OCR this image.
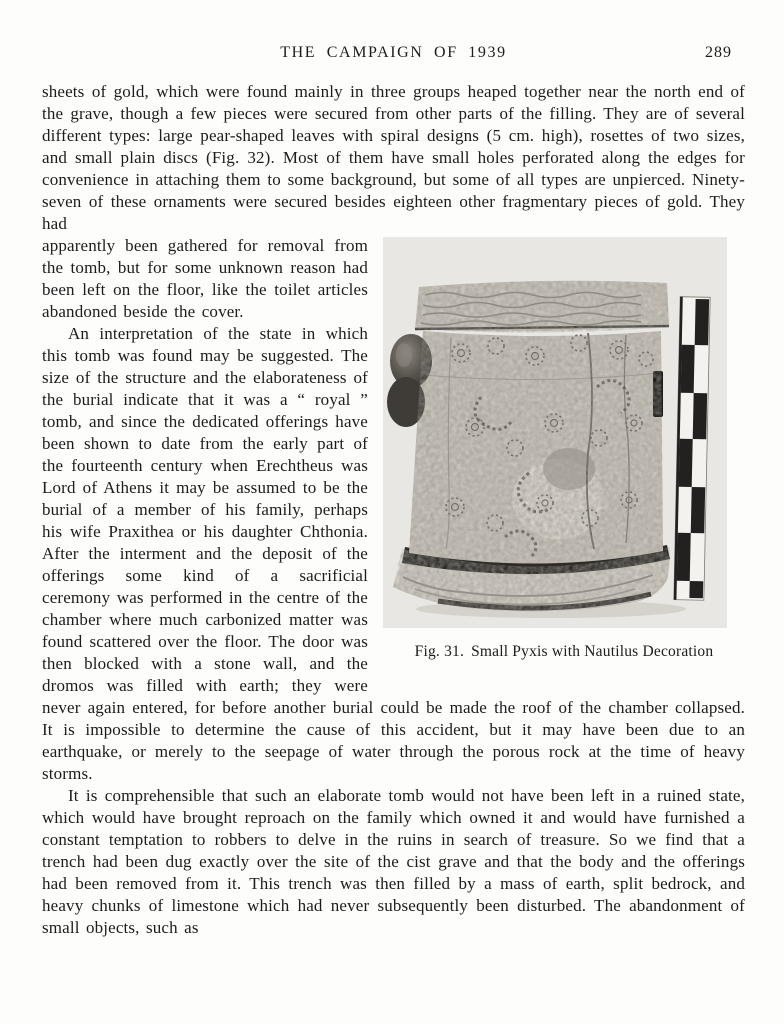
THE CAMPAIGN OF 1939	289

sheets of gold, which were found mainly in three groups heaped together near the north end of the grave, though a few pieces were secured from other parts of the filling. They are of several different types: large pear-shaped leaves with spiral designs (5 cm. high), rosettes of two sizes, and small plain discs (Fig. 32). Most of them have small holes perforated along the edges for convenience in attaching them to some background, but some of all types are unpierced. Ninety-seven of these ornaments were secured besides eighteen other fragmentary pieces of gold. They had

Fig. 31. Small Pyxis with Nautilus Decoration

apparently been gathered for removal from the tomb, but for some unknown reason had been left on the floor, like the toilet articles abandoned beside the cover.

An interpretation of the state in which this tomb was found may be suggested. The size of the structure and the elaborateness of the burial indicate that it was a “ royal ” tomb, and since the dedicated offerings have been shown to date from the early part of the fourteenth century when Erechtheus was Lord of Athens it may be assumed to be the burial of a member of his family, perhaps his wife Praxithea or his daughter Chthonia. After the interment and the deposit of the offerings some kind of a sacrificial ceremony was performed in the centre of the chamber where much carbonized matter was found scattered over the floor. The door was then blocked with a stone wall, and the dromos was filled with earth; they were never again entered, for before another burial could be made the roof of the chamber collapsed. It is impossible to determine the cause of this accident, but it may have been due to an earthquake, or merely to the seepage of water through the porous rock at the time of heavy storms.

It is comprehensible that such an elaborate tomb would not have been left in a ruined state, which would have brought reproach on the family which owned it and would have furnished a constant temptation to robbers to delve in the ruins in search of treasure. So we find that a trench had been dug exactly over the site of the cist grave and that the body and the offerings had been removed from it. This trench was then filled by a mass of earth, split bedrock, and heavy chunks of limestone which had never subsequently been disturbed. The abandonment of small objects, such as
